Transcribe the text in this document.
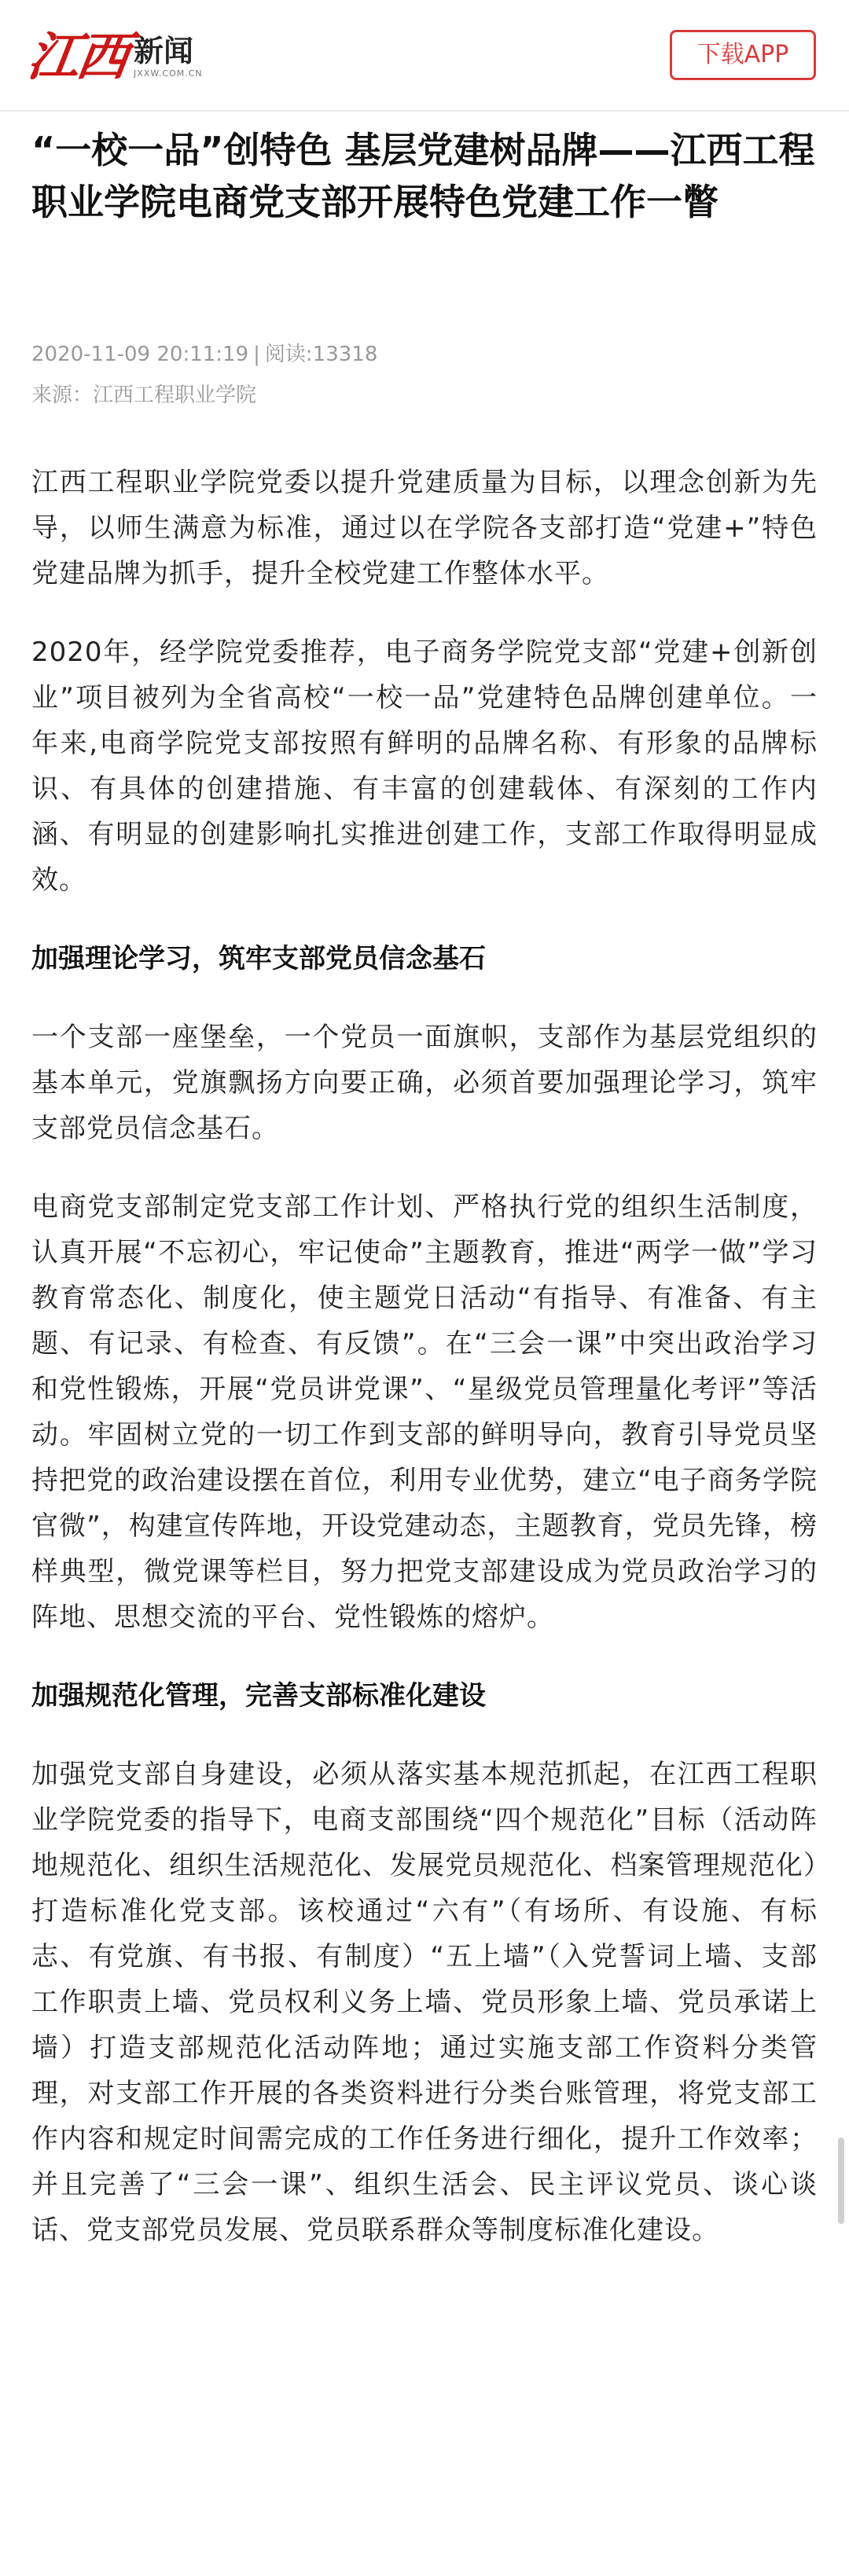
江西 新闻
JXXW.COM.CN
下载APP
“一校一品”创特色 基层党建树品牌——江西工程职业学院电商党支部开展特色党建工作一瞥
2020-11-09 20:11:19 | 阅读:13318
来源：江西工程职业学院

江西工程职业学院党委以提升党建质量为目标，以理念创新为先导，以师生满意为标准，通过以在学院各支部打造“党建+”特色党建品牌为抓手，提升全校党建工作整体水平。

2020年，经学院党委推荐，电子商务学院党支部“党建+创新创业”项目被列为全省高校“一校一品”党建特色品牌创建单位。一年来,电商学院党支部按照有鲜明的品牌名称、有形象的品牌标识、有具体的创建措施、有丰富的创建载体、有深刻的工作内涵、有明显的创建影响扎实推进创建工作，支部工作取得明显成效。

加强理论学习，筑牢支部党员信念基石

一个支部一座堡垒，一个党员一面旗帜，支部作为基层党组织的基本单元，党旗飘扬方向要正确，必须首要加强理论学习，筑牢支部党员信念基石。

电商党支部制定党支部工作计划、严格执行党的组织生活制度，认真开展“不忘初心，牢记使命”主题教育，推进“两学一做”学习教育常态化、制度化，使主题党日活动“有指导、有准备、有主题、有记录、有检查、有反馈”。在“三会一课”中突出政治学习和党性锻炼，开展“党员讲党课”、“星级党员管理量化考评”等活动。牢固树立党的一切工作到支部的鲜明导向，教育引导党员坚持把党的政治建设摆在首位，利用专业优势，建立“电子商务学院官微”，构建宣传阵地，开设党建动态，主题教育，党员先锋，榜样典型，微党课等栏目，努力把党支部建设成为党员政治学习的阵地、思想交流的平台、党性锻炼的熔炉。

加强规范化管理，完善支部标准化建设

加强党支部自身建设，必须从落实基本规范抓起，在江西工程职业学院党委的指导下，电商支部围绕“四个规范化”目标（活动阵地规范化、组织生活规范化、发展党员规范化、档案管理规范化）打造标准化党支部。该校通过“六有”（有场所、有设施、有标志、有党旗、有书报、有制度）“五上墙”（入党誓词上墙、支部工作职责上墙、党员权利义务上墙、党员形象上墙、党员承诺上墙）打造支部规范化活动阵地；通过实施支部工作资料分类管理，对支部工作开展的各类资料进行分类台账管理，将党支部工作内容和规定时间需完成的工作任务进行细化，提升工作效率；并且完善了“三会一课”、组织生活会、民主评议党员、谈心谈话、党支部党员发展、党员联系群众等制度标准化建设。
